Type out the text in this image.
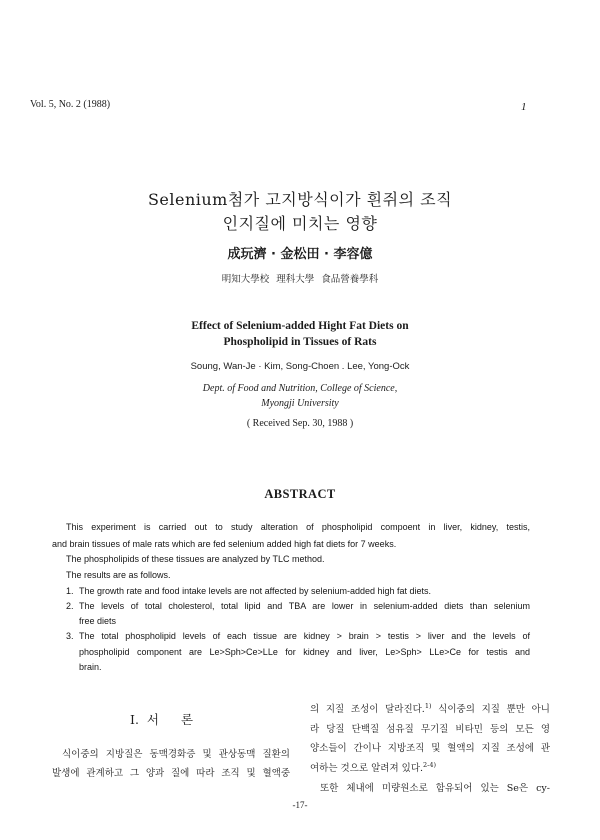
Vol. 5, No. 2 (1988)	1
Selenium첨가 고지방식이가 흰쥐의 조직
인지질에 미치는 영향
成玩濟 · 金松田 · 李容億
明知大學校 理科大學 食品營養學科
Effect of Selenium-added Hight Fat Diets on
Phospholipid in Tissues of Rats
Soung, Wan-Je · Kim, Song-Choen . Lee, Yong-Ock
Dept. of Food and Nutrition, College of Science,
Myongji University
( Received Sep. 30, 1988 )
ABSTRACT
This experiment is carried out to study alteration of phospholipid compoent in liver, kidney, testis,
and brain tissues of male rats which are fed selenium added high fat diets for 7 weeks.
The phospholipids of these tissues are analyzed by TLC method.
The results are as follows.
1. The growth rate and food intake levels are not affected by selenium-added high fat diets.
2. The levels of total cholesterol, total lipid and TBA are lower in selenium-added diets than selenium
free diets
3. The total phospholipid levels of each tissue are kidney > brain > testis > liver and the levels of
phospholipid component are Le>Sph>Ce>LLe for kidney and liver, Le>Sph> LLe>Ce for testis and
brain.
I. 서 론
식이중의 지방질은 동맥경화증 및 관상동맥 질환의
발생에 관계하고 그 양과 질에 따라 조직 및 혈액중
의 지질 조성이 달라진다.$^{1)}$ 식이중의 지질 뿐만 아니
라 당질 단백질 섬유질 무기질 비타민 등의 모든 영
양소들이 간이나 지방조직 및 혈액의 지질 조성에 관
여하는 것으로 알려져 있다.$^{2-4)}$
또한 체내에 미량원소로 함유되어 있는 Se은 cy-
-17-
